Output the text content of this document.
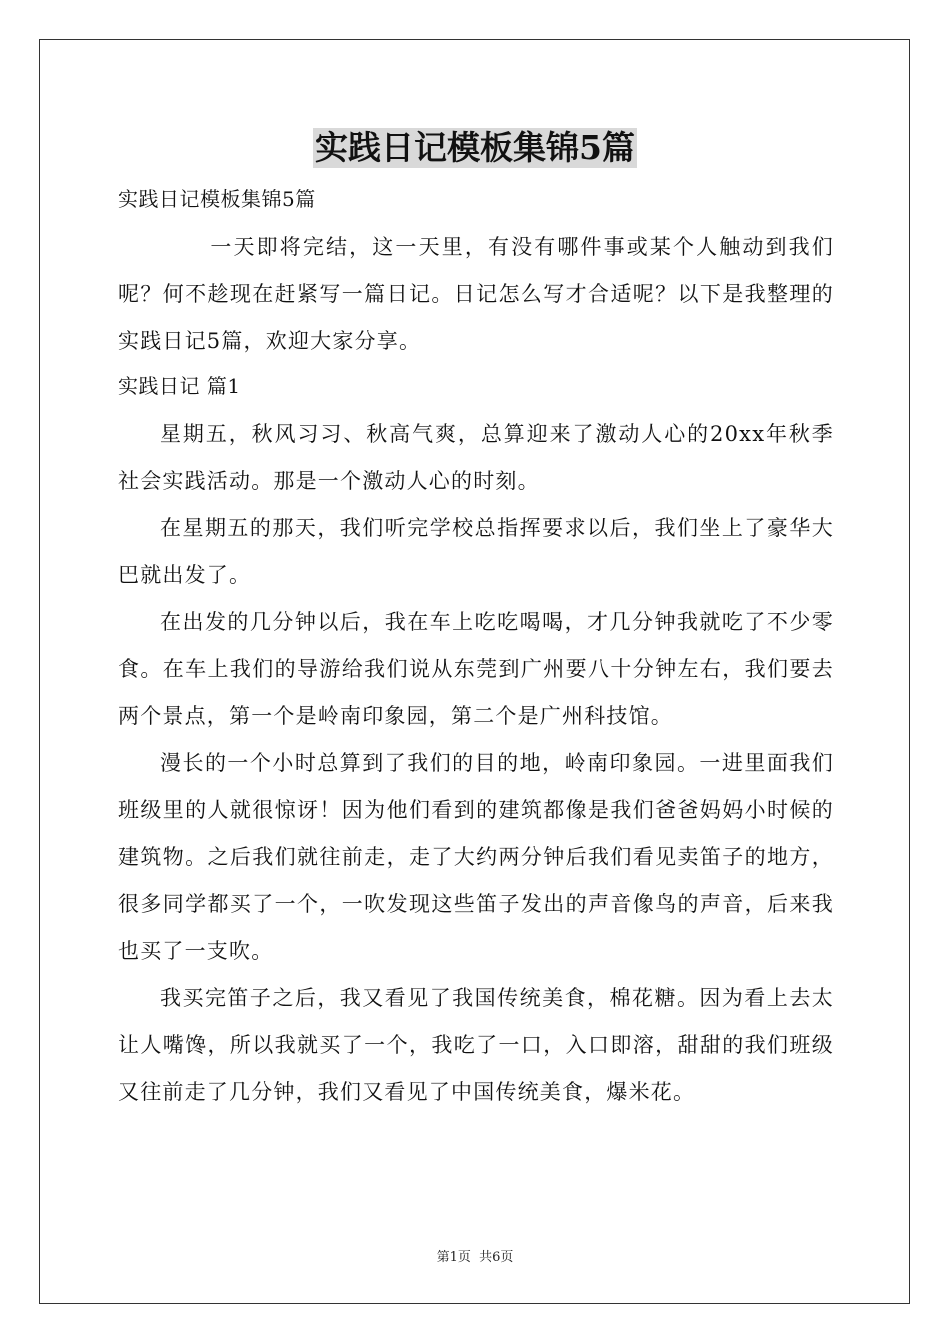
实践日记模板集锦5篇
实践日记模板集锦5篇

一天即将完结，这一天里，有没有哪件事或某个人触动到我们呢？何不趁现在赶紧写一篇日记。日记怎么写才合适呢？以下是我整理的实践日记5篇，欢迎大家分享。

实践日记 篇1

星期五，秋风习习、秋高气爽，总算迎来了激动人心的20xx年秋季社会实践活动。那是一个激动人心的时刻。

在星期五的那天，我们听完学校总指挥要求以后，我们坐上了豪华大巴就出发了。

在出发的几分钟以后，我在车上吃吃喝喝，才几分钟我就吃了不少零食。在车上我们的导游给我们说从东莞到广州要八十分钟左右，我们要去两个景点，第一个是岭南印象园，第二个是广州科技馆。

漫长的一个小时总算到了我们的目的地，岭南印象园。一进里面我们班级里的人就很惊讶！因为他们看到的建筑都像是我们爸爸妈妈小时候的建筑物。之后我们就往前走，走了大约两分钟后我们看见卖笛子的地方，很多同学都买了一个，一吹发现这些笛子发出的声音像鸟的声音，后来我也买了一支吹。

我买完笛子之后，我又看见了我国传统美食，棉花糖。因为看上去太让人嘴馋，所以我就买了一个，我吃了一口，入口即溶，甜甜的我们班级又往前走了几分钟，我们又看见了中国传统美食，爆米花。

第1页 共6页
